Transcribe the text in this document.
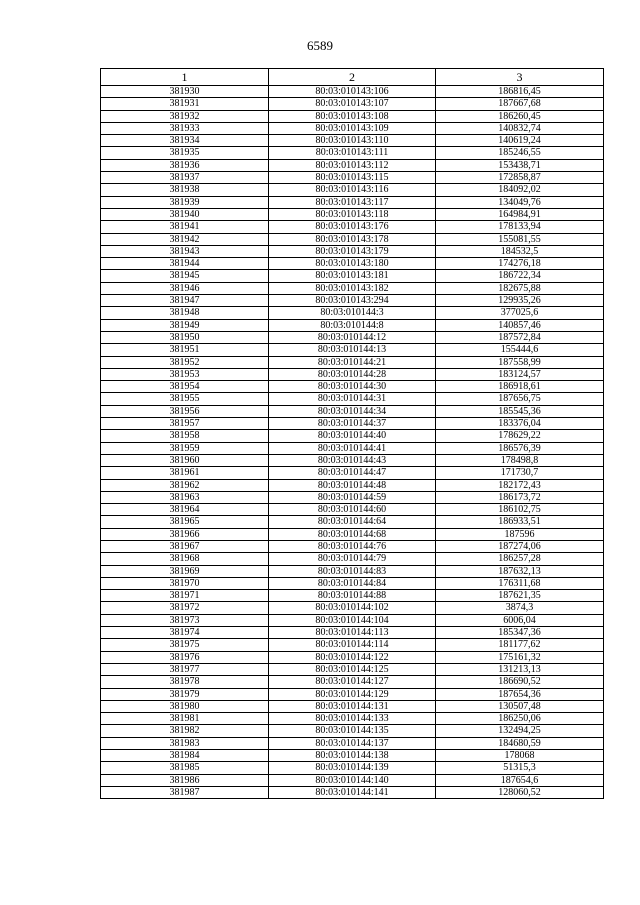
6589
1	2	3
381930	80:03:010143:106	186816,45
381931	80:03:010143:107	187667,68
381932	80:03:010143:108	186260,45
381933	80:03:010143:109	140832,74
381934	80:03:010143:110	140619,24
381935	80:03:010143:111	185246,55
381936	80:03:010143:112	153438,71
381937	80:03:010143:115	172858,87
381938	80:03:010143:116	184092,02
381939	80:03:010143:117	134049,76
381940	80:03:010143:118	164984,91
381941	80:03:010143:176	178133,94
381942	80:03:010143:178	155081,55
381943	80:03:010143:179	184532,5
381944	80:03:010143:180	174276,18
381945	80:03:010143:181	186722,34
381946	80:03:010143:182	182675,88
381947	80:03:010143:294	129935,26
381948	80:03:010144:3	377025,6
381949	80:03:010144:8	140857,46
381950	80:03:010144:12	187572,84
381951	80:03:010144:13	155444,6
381952	80:03:010144:21	187558,99
381953	80:03:010144:28	183124,57
381954	80:03:010144:30	186918,61
381955	80:03:010144:31	187656,75
381956	80:03:010144:34	185545,36
381957	80:03:010144:37	183376,04
381958	80:03:010144:40	178629,22
381959	80:03:010144:41	186576,39
381960	80:03:010144:43	178498,8
381961	80:03:010144:47	171730,7
381962	80:03:010144:48	182172,43
381963	80:03:010144:59	186173,72
381964	80:03:010144:60	186102,75
381965	80:03:010144:64	186933,51
381966	80:03:010144:68	187596
381967	80:03:010144:76	187274,06
381968	80:03:010144:79	186257,28
381969	80:03:010144:83	187632,13
381970	80:03:010144:84	176311,68
381971	80:03:010144:88	187621,35
381972	80:03:010144:102	3874,3
381973	80:03:010144:104	6006,04
381974	80:03:010144:113	185347,36
381975	80:03:010144:114	181177,62
381976	80:03:010144:122	175161,32
381977	80:03:010144:125	131213,13
381978	80:03:010144:127	186690,52
381979	80:03:010144:129	187654,36
381980	80:03:010144:131	130507,48
381981	80:03:010144:133	186250,06
381982	80:03:010144:135	132494,25
381983	80:03:010144:137	184680,59
381984	80:03:010144:138	178068
381985	80:03:010144:139	51315,3
381986	80:03:010144:140	187654,6
381987	80:03:010144:141	128060,52
